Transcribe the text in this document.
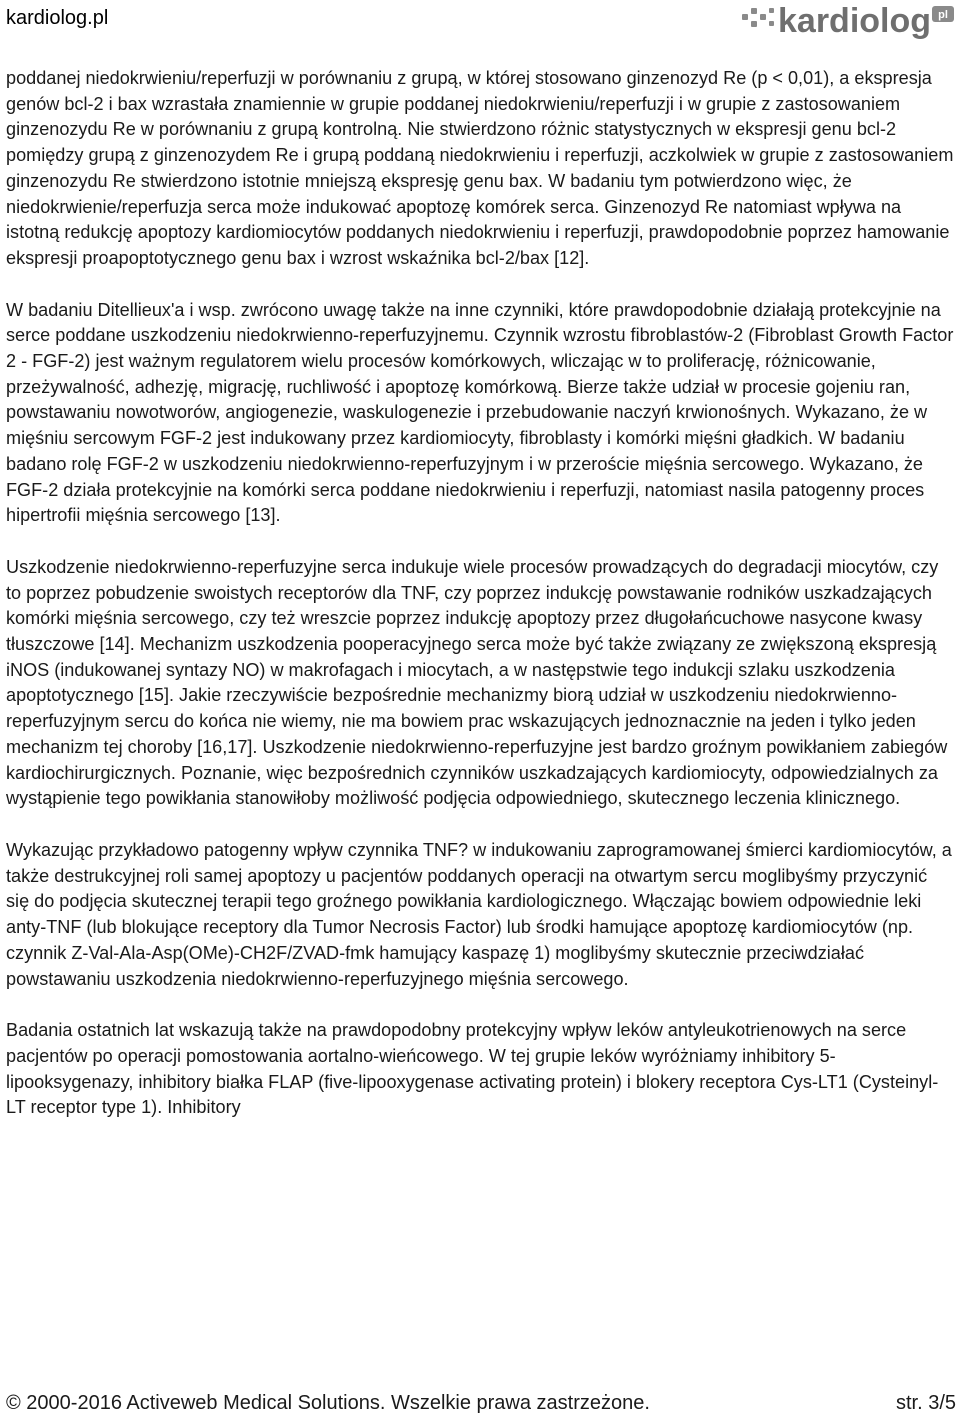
kardiolog.pl	kardiolog pl

poddanej niedokrwieniu/reperfuzji w porównaniu z grupą, w której stosowano ginzenozyd Re (p < 0,01), a ekspresja genów bcl-2 i bax wzrastała znamiennie w grupie poddanej niedokrwieniu/reperfuzji i w grupie z zastosowaniem ginzenozydu Re w porównaniu z grupą kontrolną. Nie stwierdzono różnic statystycznych w ekspresji genu bcl-2 pomiędzy grupą z ginzenozydem Re i grupą poddaną niedokrwieniu i reperfuzji, aczkolwiek w grupie z zastosowaniem ginzenozydu Re stwierdzono istotnie mniejszą ekspresję genu bax. W badaniu tym potwierdzono więc, że niedokrwienie/reperfuzja serca może indukować apoptozę komórek serca. Ginzenozyd Re natomiast wpływa na istotną redukcję apoptozy kardiomiocytów poddanych niedokrwieniu i reperfuzji, prawdopodobnie poprzez hamowanie ekspresji proapoptotycznego genu bax i wzrost wskaźnika bcl-2/bax [12].

W badaniu Ditellieux'a i wsp. zwrócono uwagę także na inne czynniki, które prawdopodobnie działają protekcyjnie na serce poddane uszkodzeniu niedokrwienno-reperfuzyjnemu. Czynnik wzrostu fibroblastów-2 (Fibroblast Growth Factor 2 - FGF-2) jest ważnym regulatorem wielu procesów komórkowych, wliczając w to proliferację, różnicowanie, przeżywalność, adhezję, migrację, ruchliwość i apoptozę komórkową. Bierze także udział w procesie gojeniu ran, powstawaniu nowotworów, angiogenezie, waskulogenezie i przebudowanie naczyń krwionośnych. Wykazano, że w mięśniu sercowym FGF-2 jest indukowany przez kardiomiocyty, fibroblasty i komórki mięśni gładkich. W badaniu badano rolę FGF-2 w uszkodzeniu niedokrwienno-reperfuzyjnym i w przeroście mięśnia sercowego. Wykazano, że FGF-2 działa protekcyjnie na komórki serca poddane niedokrwieniu i reperfuzji, natomiast nasila patogenny proces hipertrofii mięśnia sercowego [13].

Uszkodzenie niedokrwienno-reperfuzyjne serca indukuje wiele procesów prowadzących do degradacji miocytów, czy to poprzez pobudzenie swoistych receptorów dla TNF, czy poprzez indukcję powstawanie rodników uszkadzających komórki mięśnia sercowego, czy też wreszcie poprzez indukcję apoptozy przez długołańcuchowe nasycone kwasy tłuszczowe [14]. Mechanizm uszkodzenia pooperacyjnego serca może być także związany ze zwiększoną ekspresją iNOS (indukowanej syntazy NO) w makrofagach i miocytach, a w następstwie tego indukcji szlaku uszkodzenia apoptotycznego [15]. Jakie rzeczywiście bezpośrednie mechanizmy biorą udział w uszkodzeniu niedokrwienno-reperfuzyjnym sercu do końca nie wiemy, nie ma bowiem prac wskazujących jednoznacznie na jeden i tylko jeden mechanizm tej choroby [16,17]. Uszkodzenie niedokrwienno-reperfuzyjne jest bardzo groźnym powikłaniem zabiegów kardiochirurgicznych. Poznanie, więc bezpośrednich czynników uszkadzających kardiomiocyty, odpowiedzialnych za wystąpienie tego powikłania stanowiłoby możliwość podjęcia odpowiedniego, skutecznego leczenia klinicznego.

Wykazując przykładowo patogenny wpływ czynnika TNF? w indukowaniu zaprogramowanej śmierci kardiomiocytów, a także destrukcyjnej roli samej apoptozy u pacjentów poddanych operacji na otwartym sercu moglibyśmy przyczynić się do podjęcia skutecznej terapii tego groźnego powikłania kardiologicznego. Włączając bowiem odpowiednie leki anty-TNF (lub blokujące receptory dla Tumor Necrosis Factor) lub środki hamujące apoptozę kardiomiocytów (np. czynnik Z-Val-Ala-Asp(OMe)-CH2F/ZVAD-fmk hamujący kaspazę 1) moglibyśmy skutecznie przeciwdziałać powstawaniu uszkodzenia niedokrwienno-reperfuzyjnego mięśnia sercowego.

Badania ostatnich lat wskazują także na prawdopodobny protekcyjny wpływ leków antyleukotrienowych na serce pacjentów po operacji pomostowania aortalno-wieńcowego. W tej grupie leków wyróżniamy inhibitory 5-lipooksygenazy, inhibitory białka FLAP (five-lipooxygenase activating protein) i blokery receptora Cys-LT1 (Cysteinyl-LT receptor type 1). Inhibitory

© 2000-2016 Activeweb Medical Solutions. Wszelkie prawa zastrzeżone.	str. 3/5
